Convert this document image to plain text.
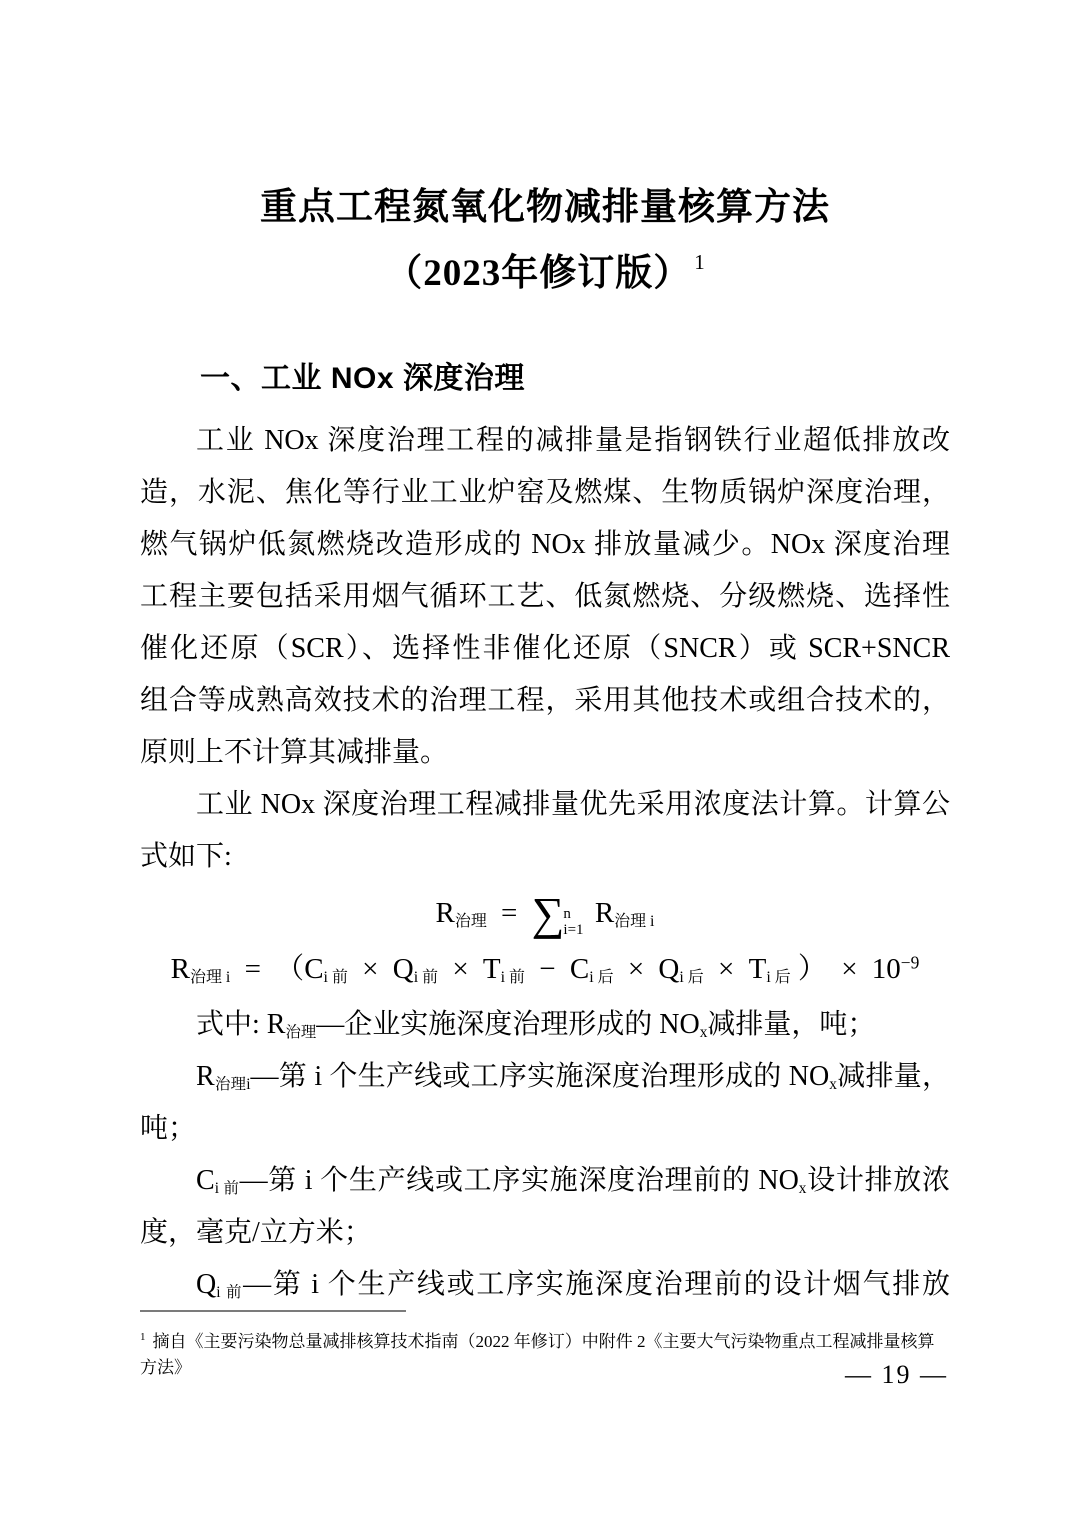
重点工程氮氧化物减排量核算方法
（2023年修订版） $^1$
一、工业 NOx 深度治理
工业 NOx 深度治理工程的减排量是指钢铁行业超低排放改
造，水泥、焦化等行业工业炉窑及燃煤、生物质锅炉深度治理，
燃气锅炉低氮燃烧改造形成的 NOx 排放量减少。NOx 深度治理
工程主要包括采用烟气循环工艺、低氮燃烧、分级燃烧、选择性
催化还原（SCR）、选择性非催化还原（SNCR）或 SCR+SNCR
组合等成熟高效技术的治理工程，采用其他技术或组合技术的，
原则上不计算其减排量。
工业 NOx 深度治理工程减排量优先采用浓度法计算。计算公
式如下:
$R_{治理}$ = ∑ n
i=1
$R_{治理 i}$
$R_{治理 i} = (C_{i 前} \times Q_{i 前} \times T_{i 前} - C_{i 后} \times Q_{i 后} \times T_{i 后}$ ） × $10^{-9}$
式中: $R_{治理}—$企业实施深度治理形成的 $NO_x$减排量，吨；
$R_{治理i}—$第 i 个生产线或工序实施深度治理形成的 $NO_x$减排量，
吨；
$C_{i 前}—$第 i 个生产线或工序实施深度治理前的 $NO_x$设计排放浓
度，毫克/立方米；
$Q_{i 前}—$第 i 个生产线或工序实施深度治理前的设计烟气排放
$^1$ 摘自《主要污染物总量减排核算技术指南（2022 年修订）中附件 2《主要大气污染物重点工程减排量核算方法》	— 19 —
